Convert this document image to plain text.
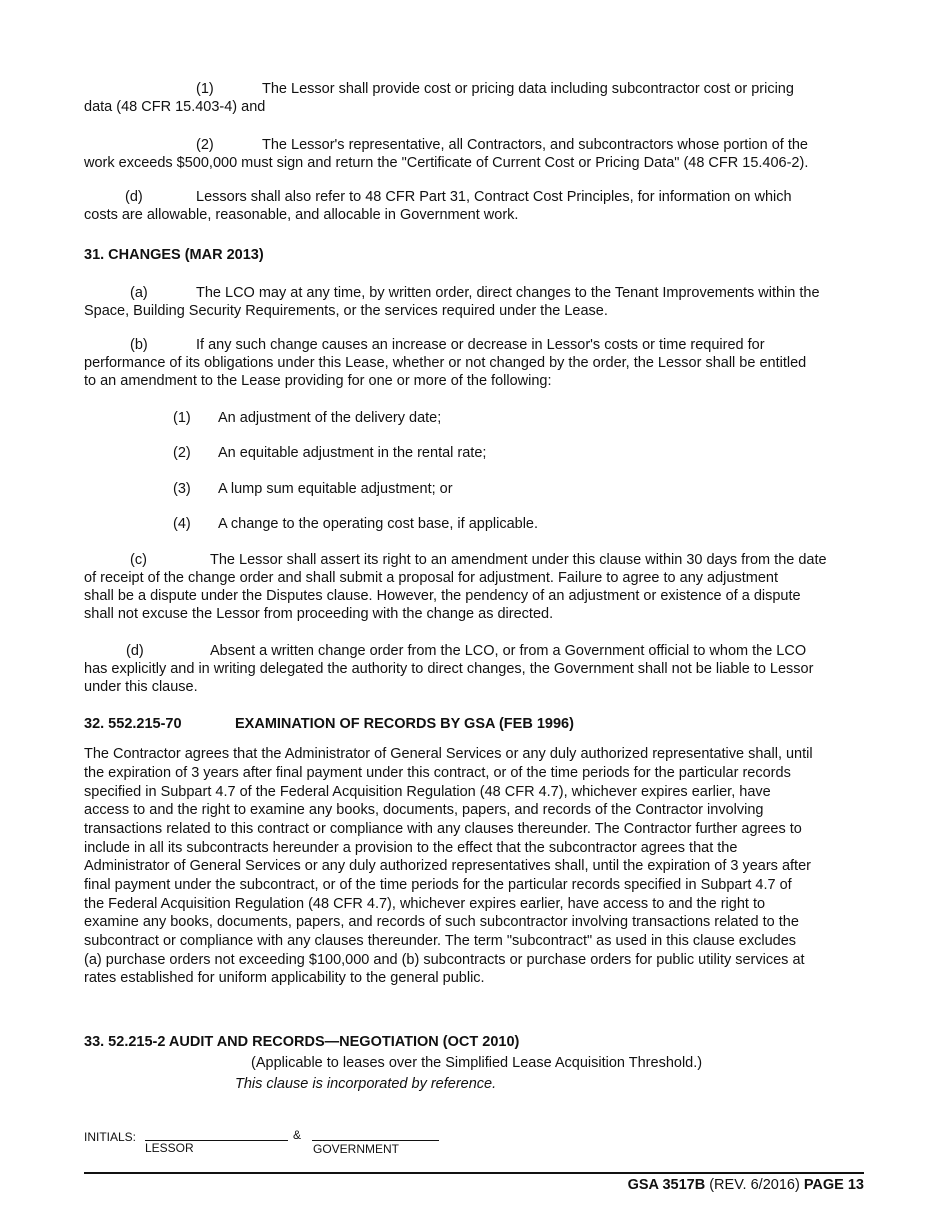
(1)	The Lessor shall provide cost or pricing data including subcontractor cost or pricing
data (48 CFR 15.403-4) and
(2)	The Lessor's representative, all Contractors, and subcontractors whose portion of the
work exceeds $500,000 must sign and return the "Certificate of Current Cost or Pricing Data" (48 CFR 15.406-2).
(d)	Lessors shall also refer to 48 CFR Part 31, Contract Cost Principles, for information on which
costs are allowable, reasonable, and allocable in Government work.
31. CHANGES (MAR 2013)
(a)	The LCO may at any time, by written order, direct changes to the Tenant Improvements within the
Space, Building Security Requirements, or the services required under the Lease.
(b)	If any such change causes an increase or decrease in Lessor's costs or time required for
performance of its obligations under this Lease, whether or not changed by the order, the Lessor shall be entitled
to an amendment to the Lease providing for one or more of the following:
(1) An adjustment of the delivery date;
(2) An equitable adjustment in the rental rate;
(3) A lump sum equitable adjustment; or
(4) A change to the operating cost base, if applicable.
(c)	The Lessor shall assert its right to an amendment under this clause within 30 days from the date
of receipt of the change order and shall submit a proposal for adjustment. Failure to agree to any adjustment
shall be a dispute under the Disputes clause. However, the pendency of an adjustment or existence of a dispute
shall not excuse the Lessor from proceeding with the change as directed.
(d)	Absent a written change order from the LCO, or from a Government official to whom the LCO
has explicitly and in writing delegated the authority to direct changes, the Government shall not be liable to Lessor
under this clause.
32. 552.215-70	EXAMINATION OF RECORDS BY GSA (FEB 1996)
The Contractor agrees that the Administrator of General Services or any duly authorized representative shall, until
the expiration of 3 years after final payment under this contract, or of the time periods for the particular records
specified in Subpart 4.7 of the Federal Acquisition Regulation (48 CFR 4.7), whichever expires earlier, have
access to and the right to examine any books, documents, papers, and records of the Contractor involving
transactions related to this contract or compliance with any clauses thereunder. The Contractor further agrees to
include in all its subcontracts hereunder a provision to the effect that the subcontractor agrees that the
Administrator of General Services or any duly authorized representatives shall, until the expiration of 3 years after
final payment under the subcontract, or of the time periods for the particular records specified in Subpart 4.7 of
the Federal Acquisition Regulation (48 CFR 4.7), whichever expires earlier, have access to and the right to
examine any books, documents, papers, and records of such subcontractor involving transactions related to the
subcontract or compliance with any clauses thereunder. The term "subcontract" as used in this clause excludes
(a) purchase orders not exceeding $100,000 and (b) subcontracts or purchase orders for public utility services at
rates established for uniform applicability to the general public.
33. 52.215-2 AUDIT AND RECORDS—NEGOTIATION (OCT 2010)
(Applicable to leases over the Simplified Lease Acquisition Threshold.)
This clause is incorporated by reference.
INITIALS:	&
LESSOR	GOVERNMENT
GSA 3517B (REV. 6/2016) PAGE 13
